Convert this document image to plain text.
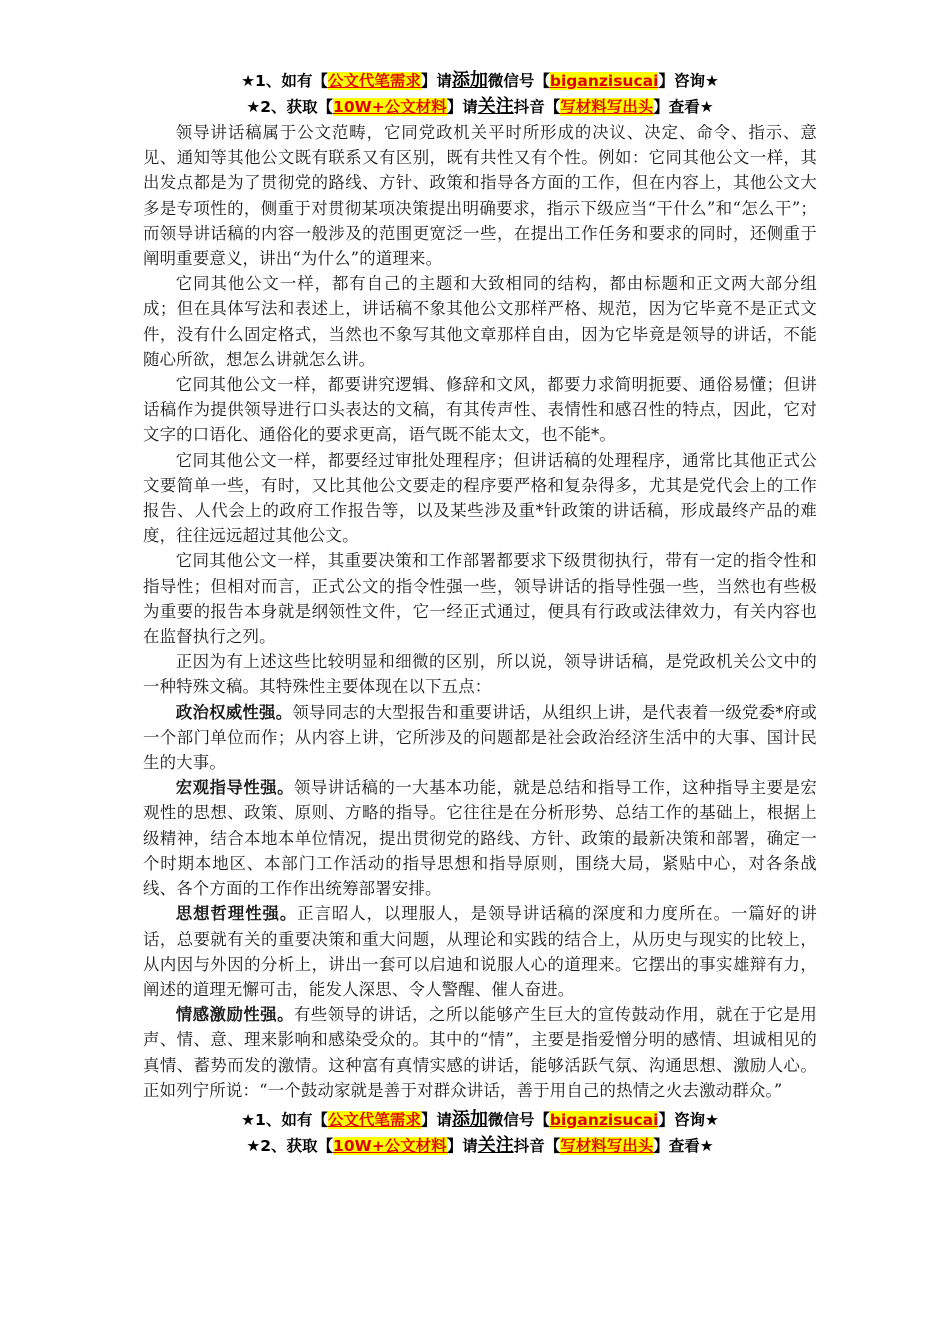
★1、如有【公文代笔需求】请添加微信号【biganzisucai】咨询★
★2、获取【10W+公文材料】请关注抖音【写材料写出头】查看★

领导讲话稿属于公文范畴，它同党政机关平时所形成的决议、决定、命令、指示、意见、通知等其他公文既有联系又有区别，既有共性又有个性。例如：它同其他公文一样，其出发点都是为了贯彻党的路线、方针、政策和指导各方面的工作，但在内容上，其他公文大多是专项性的，侧重于对贯彻某项决策提出明确要求，指示下级应当“干什么”和“怎么干”；而领导讲话稿的内容一般涉及的范围更宽泛一些，在提出工作任务和要求的同时，还侧重于阐明重要意义，讲出“为什么”的道理来。

它同其他公文一样，都有自己的主题和大致相同的结构，都由标题和正文两大部分组成；但在具体写法和表述上，讲话稿不象其他公文那样严格、规范，因为它毕竟不是正式文件，没有什么固定格式，当然也不象写其他文章那样自由，因为它毕竟是领导的讲话，不能随心所欲，想怎么讲就怎么讲。

它同其他公文一样，都要讲究逻辑、修辞和文风，都要力求简明扼要、通俗易懂；但讲话稿作为提供领导进行口头表达的文稿，有其传声性、表情性和感召性的特点，因此，它对文字的口语化、通俗化的要求更高，语气既不能太文，也不能*。

它同其他公文一样，都要经过审批处理程序；但讲话稿的处理程序，通常比其他正式公文要简单一些，有时，又比其他公文要走的程序要严格和复杂得多，尤其是党代会上的工作报告、人代会上的政府工作报告等，以及某些涉及重*针政策的讲话稿，形成最终产品的难度，往往远远超过其他公文。

它同其他公文一样，其重要决策和工作部署都要求下级贯彻执行，带有一定的指令性和指导性；但相对而言，正式公文的指令性强一些，领导讲话的指导性强一些，当然也有些极为重要的报告本身就是纲领性文件，它一经正式通过，便具有行政或法律效力，有关内容也在监督执行之列。

正因为有上述这些比较明显和细微的区别，所以说，领导讲话稿，是党政机关公文中的一种特殊文稿。其特殊性主要体现在以下五点：

政治权威性强。领导同志的大型报告和重要讲话，从组织上讲，是代表着一级党委*府或一个部门单位而作；从内容上讲，它所涉及的问题都是社会政治经济生活中的大事、国计民生的大事。

宏观指导性强。领导讲话稿的一大基本功能，就是总结和指导工作，这种指导主要是宏观性的思想、政策、原则、方略的指导。它往往是在分析形势、总结工作的基础上，根据上级精神，结合本地本单位情况，提出贯彻党的路线、方针、政策的最新决策和部署，确定一个时期本地区、本部门工作活动的指导思想和指导原则，围绕大局，紧贴中心，对各条战线、各个方面的工作作出统筹部署安排。

思想哲理性强。正言昭人，以理服人，是领导讲话稿的深度和力度所在。一篇好的讲话，总要就有关的重要决策和重大问题，从理论和实践的结合上，从历史与现实的比较上，从内因与外因的分析上，讲出一套可以启迪和说服人心的道理来。它摆出的事实雄辩有力，阐述的道理无懈可击，能发人深思、令人警醒、催人奋进。

情感激励性强。有些领导的讲话，之所以能够产生巨大的宣传鼓动作用，就在于它是用声、情、意、理来影响和感染受众的。其中的“情”，主要是指爱憎分明的感情、坦诚相见的真情、蓄势而发的激情。这种富有真情实感的讲话，能够活跃气氛、沟通思想、激励人心。正如列宁所说：“一个鼓动家就是善于对群众讲话，善于用自己的热情之火去激动群众。”

★1、如有【公文代笔需求】请添加微信号【biganzisucai】咨询★
★2、获取【10W+公文材料】请关注抖音【写材料写出头】查看★
